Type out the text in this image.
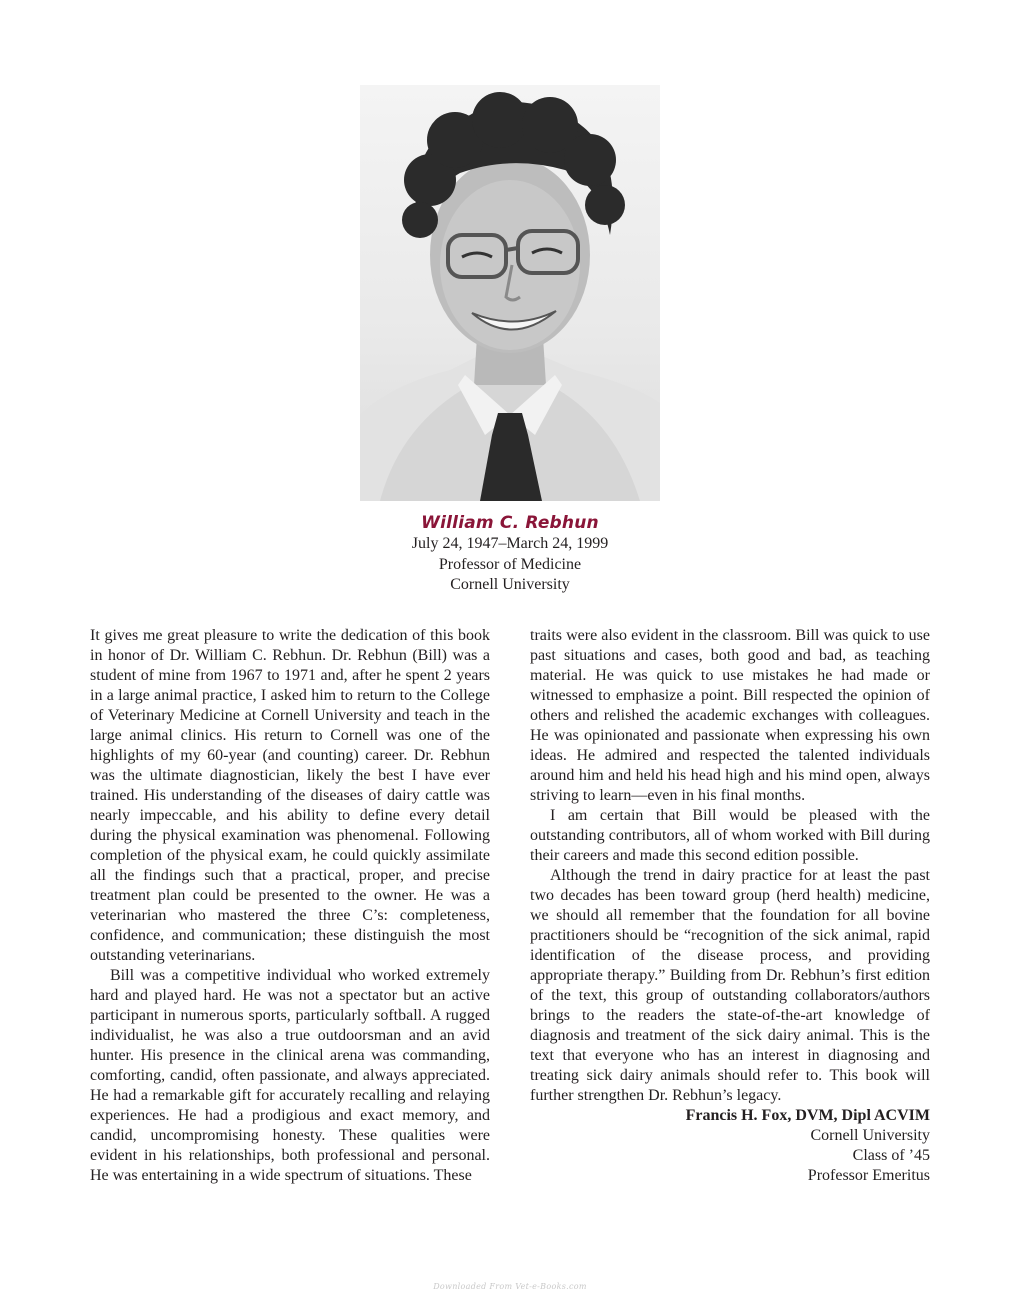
William C. Rebhun
July 24, 1947–March 24, 1999
Professor of Medicine
Cornell University

It gives me great pleasure to write the dedication of this book in honor of Dr. William C. Rebhun. Dr. Rebhun (Bill) was a student of mine from 1967 to 1971 and, after he spent 2 years in a large animal practice, I asked him to return to the College of Veterinary Medicine at Cornell University and teach in the large animal clinics. His return to Cornell was one of the highlights of my 60-year (and counting) career. Dr. Rebhun was the ultimate diagnostician, likely the best I have ever trained. His understanding of the diseases of dairy cattle was nearly impeccable, and his ability to define every detail during the physical examination was phenomenal. Following completion of the physical exam, he could quickly assimilate all the findings such that a practical, proper, and precise treatment plan could be presented to the owner. He was a veterinarian who mastered the three C’s: completeness, confidence, and communication; these distinguish the most outstanding veterinarians.

Bill was a competitive individual who worked extremely hard and played hard. He was not a spectator but an active participant in numerous sports, particularly softball. A rugged individualist, he was also a true outdoorsman and an avid hunter. His presence in the clinical arena was commanding, comforting, candid, often passionate, and always appreciated. He had a remarkable gift for accurately recalling and relaying experiences. He had a prodigious and exact memory, and candid, uncompromising honesty. These qualities were evident in his relationships, both professional and personal. He was entertaining in a wide spectrum of situations. These

traits were also evident in the classroom. Bill was quick to use past situations and cases, both good and bad, as teaching material. He was quick to use mistakes he had made or witnessed to emphasize a point. Bill respected the opinion of others and relished the academic exchanges with colleagues. He was opinionated and passionate when expressing his own ideas. He admired and respected the talented individuals around him and held his head high and his mind open, always striving to learn—even in his final months.

I am certain that Bill would be pleased with the outstanding contributors, all of whom worked with Bill during their careers and made this second edition possible.

Although the trend in dairy practice for at least the past two decades has been toward group (herd health) medicine, we should all remember that the foundation for all bovine practitioners should be “recognition of the sick animal, rapid identification of the disease process, and providing appropriate therapy.” Building from Dr. Rebhun’s first edition of the text, this group of outstanding collaborators/authors brings to the readers the state-of-the-art knowledge of diagnosis and treatment of the sick dairy animal. This is the text that everyone who has an interest in diagnosing and treating sick dairy animals should refer to. This book will further strengthen Dr. Rebhun’s legacy.

Francis H. Fox, DVM, Dipl ACVIM
Cornell University
Class of ’45
Professor Emeritus
Downloaded From Vet-e-Books.com
